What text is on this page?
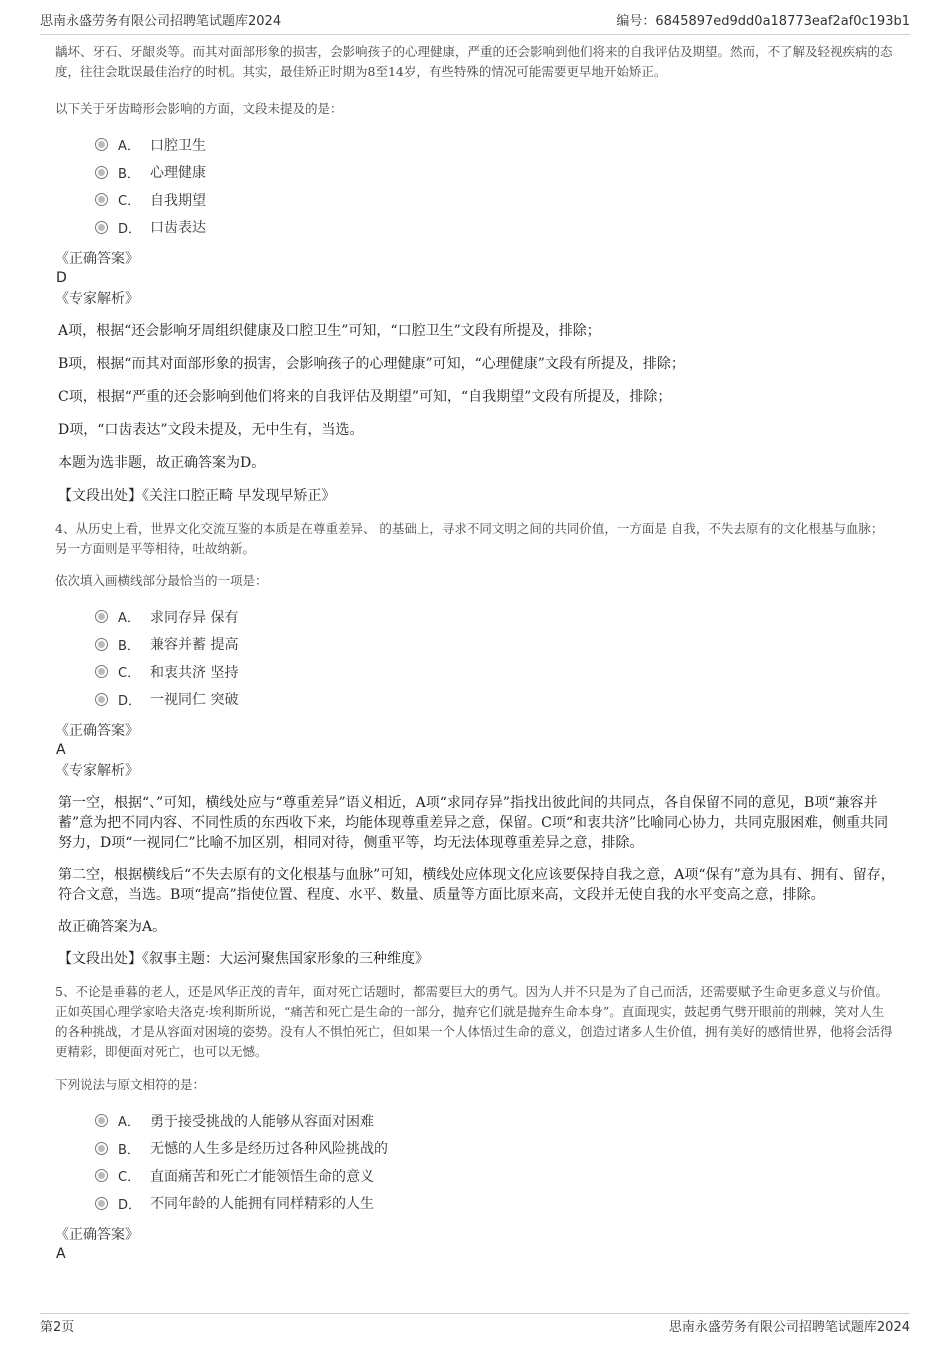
思南永盛劳务有限公司招聘笔试题库2024	编号：6845897ed9dd0a18773eaf2af0c193b1

龋坏、牙石、牙龈炎等。而其对面部形象的损害，会影响孩子的心理健康，严重的还会影响到他们将来的自我评估及期望。然而，不了解及轻视疾病的态度，往往会耽误最佳治疗的时机。其实，最佳矫正时期为8至14岁，有些特殊的情况可能需要更早地开始矫正。

以下关于牙齿畸形会影响的方面，文段未提及的是：
A． 口腔卫生
B． 心理健康
C． 自我期望
D． 口齿表达
《正确答案》
D
《专家解析》

A项，根据“还会影响牙周组织健康及口腔卫生”可知，“口腔卫生”文段有所提及，排除；

B项，根据“而其对面部形象的损害，会影响孩子的心理健康”可知，“心理健康”文段有所提及，排除；

C项，根据“严重的还会影响到他们将来的自我评估及期望”可知，“自我期望”文段有所提及，排除；

D项，“口齿表达”文段未提及，无中生有，当选。

本题为选非题，故正确答案为D。

【文段出处】《关注口腔正畸 早发现早矫正》

4、从历史上看，世界文化交流互鉴的本质是在尊重差异、 的基础上，寻求不同文明之间的共同价值，一方面是 自我，不失去原有的文化根基与血脉；另一方面则是平等相待，吐故纳新。

依次填入画横线部分最恰当的一项是：
A． 求同存异 保有
B． 兼容并蓄 提高
C． 和衷共济 坚持
D． 一视同仁 突破
《正确答案》
A
《专家解析》

第一空，根据“、”可知，横线处应与“尊重差异”语义相近，A项“求同存异”指找出彼此间的共同点，各自保留不同的意见，B项“兼容并蓄”意为把不同内容、不同性质的东西收下来，均能体现尊重差异之意，保留。C项“和衷共济”比喻同心协力，共同克服困难，侧重共同努力，D项“一视同仁”比喻不加区别，相同对待，侧重平等，均无法体现尊重差异之意，排除。

第二空，根据横线后“不失去原有的文化根基与血脉”可知，横线处应体现文化应该要保持自我之意，A项“保有”意为具有、拥有、留存，符合文意，当选。B项“提高”指使位置、程度、水平、数量、质量等方面比原来高，文段并无使自我的水平变高之意，排除。

故正确答案为A。

【文段出处】《叙事主题：大运河聚焦国家形象的三种维度》

5、不论是垂暮的老人，还是风华正茂的青年，面对死亡话题时，都需要巨大的勇气。因为人并不只是为了自己而活，还需要赋予生命更多意义与价值。正如英国心理学家哈夫洛克·埃利斯所说，“痛苦和死亡是生命的一部分，抛弃它们就是抛弃生命本身”。直面现实，鼓起勇气劈开眼前的荆棘，笑对人生的各种挑战，才是从容面对困境的姿势。没有人不惧怕死亡，但如果一个人体悟过生命的意义，创造过诸多人生价值，拥有美好的感情世界，他将会活得更精彩，即便面对死亡，也可以无憾。

下列说法与原文相符的是：
A． 勇于接受挑战的人能够从容面对困难
B． 无憾的人生多是经历过各种风险挑战的
C． 直面痛苦和死亡才能领悟生命的意义
D． 不同年龄的人能拥有同样精彩的人生
《正确答案》
A
第2页	思南永盛劳务有限公司招聘笔试题库2024
